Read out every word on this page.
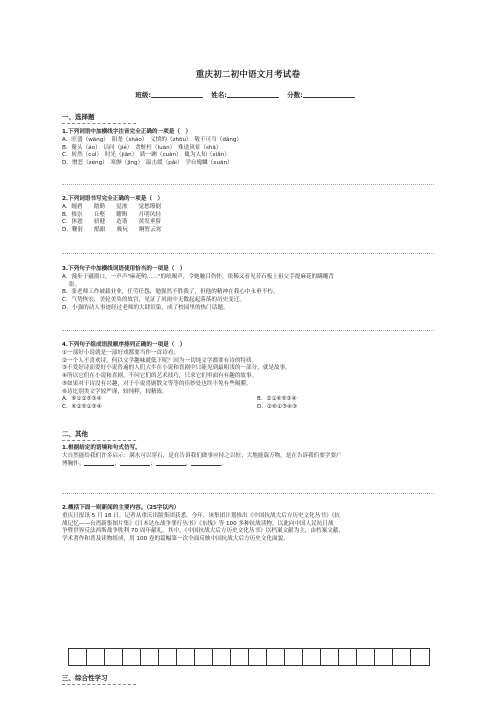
重庆初二初中语文月考试卷
班级:	姓名:	分数:
一、选择题
1.下列词语中加横线字注音完全正确的一项是（　）
A．旺盛（wāng）　阻尧（shào）　义愤的（zhōu）　敬不可当（dǎng）
B．鳌头（áo）　诘问（jié）　贪赃枉（luàn）　殊途风景（shā）
C．转然（cuì）　时光（jiān）　踌一蹿（cuàn）　辄为人知（xiǎn）
D．憎恶（zèng）　寒颤（jìng）　温击缓（pǎi）　学台瑰麟（xuān）
2.下列词语书写完全正确的一项是（　）
A．缠碧　　踏勤　　觉渗　　觉愁缭倒
B．推崇　　丘壑　　耀晦　　月明风轻
C．休憩　　骄健　　造谐　　黄发垂髫
D．鞭射　　酷跟　　吸玩　　啊暂云霄
3.下列句子中加横线词语使用恰当的一项是（　）
A．漫步于磁器口，一声声"麻花哟……"的吆喝声，令她触目伤怀，依稀又看见昔石板上祖父手提麻花的蹒跚背
影。
B．张老师工作被载业业，任劳任怨，勉强然不胜我了，但他的精神在我心中永垂不朽。
C．气势恢宏，美轮美奂的故宫，见证了风雨中无数起起落落的历史变迁。
D．小强的动人事迹经过老师的大肆渲染，成了校园里的热门话题。
4.下列句子组成语段顺序排列正确的一项是（　）
①一部好小说就是一部好戏都要当作一首诗看。
②一个人不喜欢诗，何以文学趣味就低下呢？因为一切纯文学都要有诗的特质。
③不爱好诗而爱好小说普遍的人们大半在小说和喜剧中只能见到最粗浅的一部分，就是故事。
④所以它们在小说和喜剧，不问它们的艺术技巧，只求它们里面有有趣的故事。
⑤如果对于诗没有兴趣，对于小说喜剧散文等等的佳妙处也终不免有些隔膜。
⑥诗比别类文学较严谨，较纯粹，较精致。
A．⑥①②⑤③④	B．②①⑥⑤③④
C．⑥②⑤①③④	D．②⑥①⑤④③
二、其他
1.根据给定的语境和句式仿写。
大自然能给我们许多启示：满水可以穿石，是在告诉我们做事应持之以恒；大地能载万物，是在告诉我们要学要广
博胸怀；	，	；	，	。
2.概括下面一则新闻的主要内容。（25字以内）
重庆日报讯 5 月 18 日，记者从重庆出版集团获悉，今年，该集团计划推出《中国抗战大后方历史文化丛书》《抗
战记忆——台湾新集图片集》《日本达东战争罪行丛书》《东线》等 100 多种抗战读物，以此向中国人民抗日战
争暨世界反法西斯战争胜利 70 周年献礼。其中，《中国抗战大后方历史文化丛书》以档案文献为主，由档案文献、
学术著作和普及读物组成，用 100 卷的篇幅第一次全面反映中国抗战大后方历史文化面貌。
三、综合性学习
